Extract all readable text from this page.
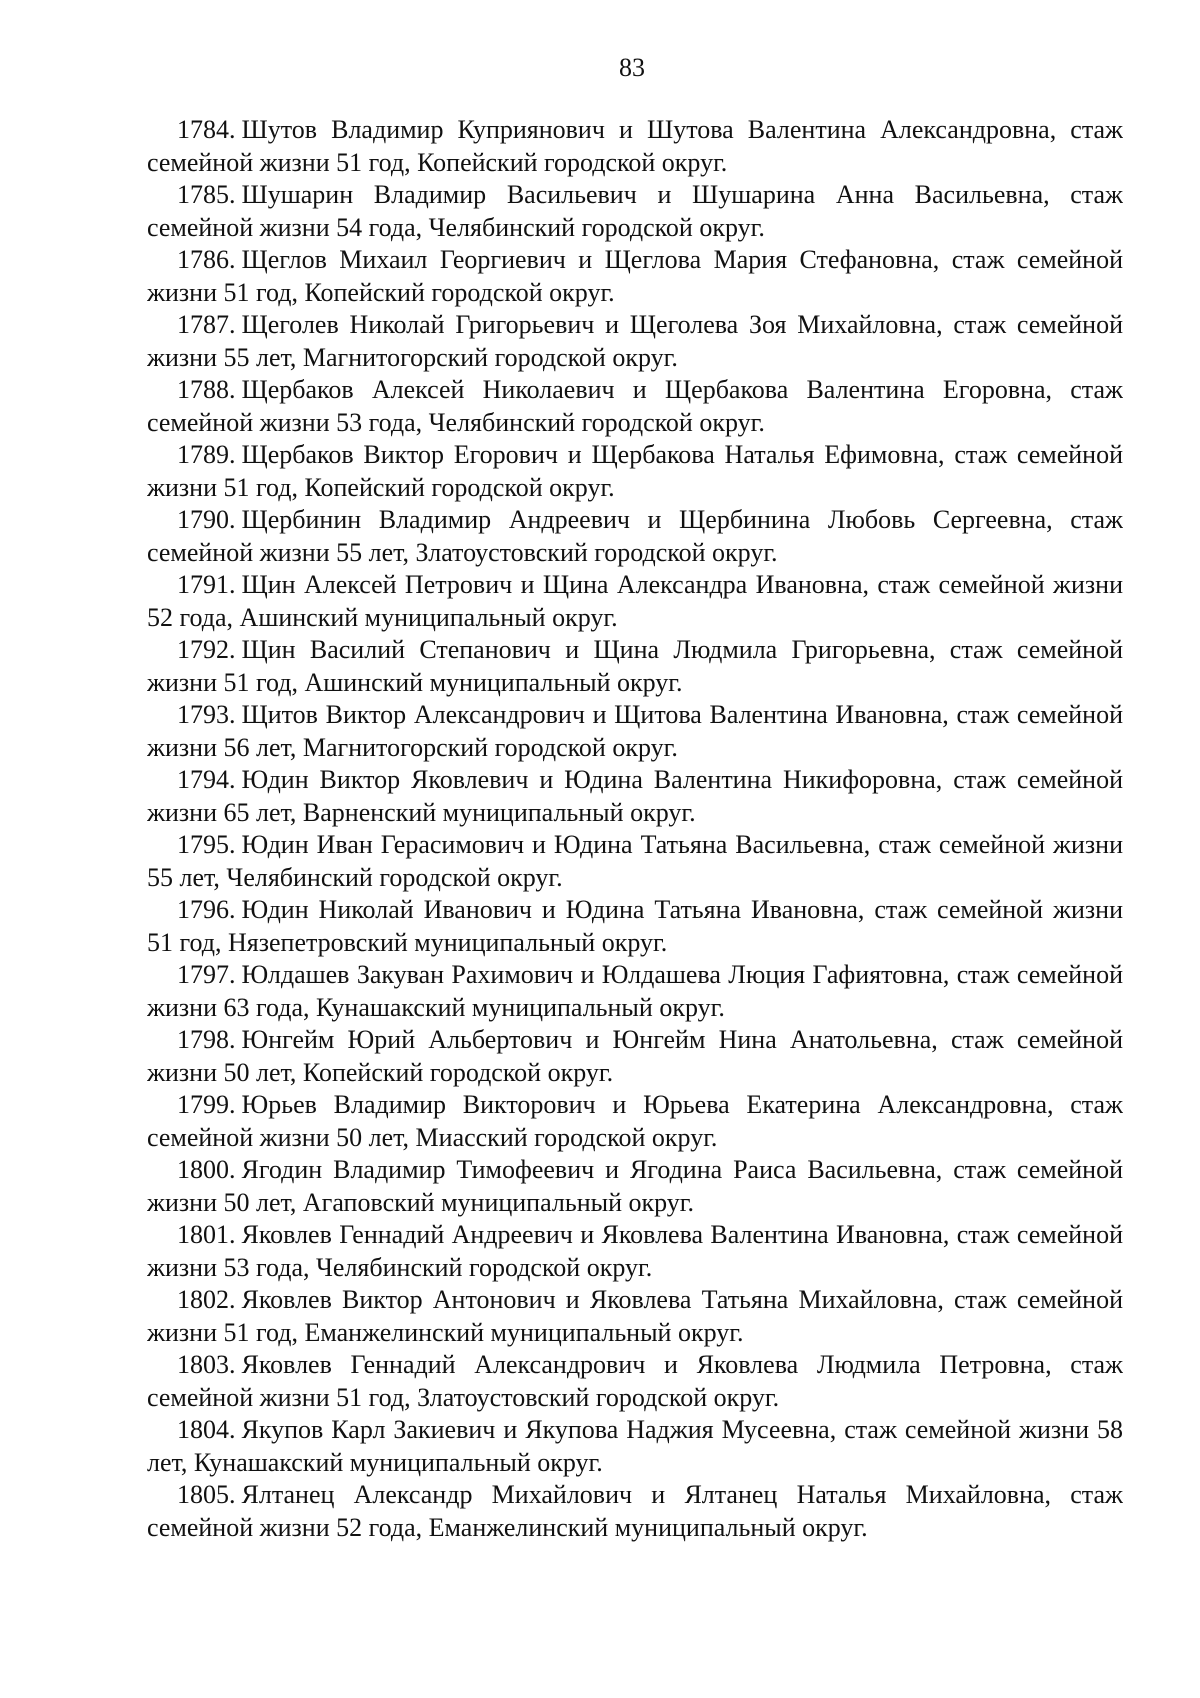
83

1784. Шутов Владимир Куприянович и Шутова Валентина Александровна, стаж семейной жизни 51 год, Копейский городской округ.

1785. Шушарин Владимир Васильевич и Шушарина Анна Васильевна, стаж семейной жизни 54 года, Челябинский городской округ.

1786. Щеглов Михаил Георгиевич и Щеглова Мария Стефановна, стаж семейной жизни 51 год, Копейский городской округ.

1787. Щеголев Николай Григорьевич и Щеголева Зоя Михайловна, стаж семейной жизни 55 лет, Магнитогорский городской округ.

1788. Щербаков Алексей Николаевич и Щербакова Валентина Егоровна, стаж семейной жизни 53 года, Челябинский городской округ.

1789. Щербаков Виктор Егорович и Щербакова Наталья Ефимовна, стаж семейной жизни 51 год, Копейский городской округ.

1790. Щербинин Владимир Андреевич и Щербинина Любовь Сергеевна, стаж семейной жизни 55 лет, Златоустовский городской округ.

1791. Щин Алексей Петрович и Щина Александра Ивановна, стаж семейной жизни 52 года, Ашинский муниципальный округ.

1792. Щин Василий Степанович и Щина Людмила Григорьевна, стаж семейной жизни 51 год, Ашинский муниципальный округ.

1793. Щитов Виктор Александрович и Щитова Валентина Ивановна, стаж семейной жизни 56 лет, Магнитогорский городской округ.

1794. Юдин Виктор Яковлевич и Юдина Валентина Никифоровна, стаж семейной жизни 65 лет, Варненский муниципальный округ.

1795. Юдин Иван Герасимович и Юдина Татьяна Васильевна, стаж семейной жизни 55 лет, Челябинский городской округ.

1796. Юдин Николай Иванович и Юдина Татьяна Ивановна, стаж семейной жизни 51 год, Нязепетровский муниципальный округ.

1797. Юлдашев Закуван Рахимович и Юлдашева Люция Гафиятовна, стаж семейной жизни 63 года, Кунашакский муниципальный округ.

1798. Юнгейм Юрий Альбертович и Юнгейм Нина Анатольевна, стаж семейной жизни 50 лет, Копейский городской округ.

1799. Юрьев Владимир Викторович и Юрьева Екатерина Александровна, стаж семейной жизни 50 лет, Миасский городской округ.

1800. Ягодин Владимир Тимофеевич и Ягодина Раиса Васильевна, стаж семейной жизни 50 лет, Агаповский муниципальный округ.

1801. Яковлев Геннадий Андреевич и Яковлева Валентина Ивановна, стаж семейной жизни 53 года, Челябинский городской округ.

1802. Яковлев Виктор Антонович и Яковлева Татьяна Михайловна, стаж семейной жизни 51 год, Еманжелинский муниципальный округ.

1803. Яковлев Геннадий Александрович и Яковлева Людмила Петровна, стаж семейной жизни 51 год, Златоустовский городской округ.

1804. Якупов Карл Закиевич и Якупова Наджия Мусеевна, стаж семейной жизни 58 лет, Кунашакский муниципальный округ.

1805. Ялтанец Александр Михайлович и Ялтанец Наталья Михайловна, стаж семейной жизни 52 года, Еманжелинский муниципальный округ.
